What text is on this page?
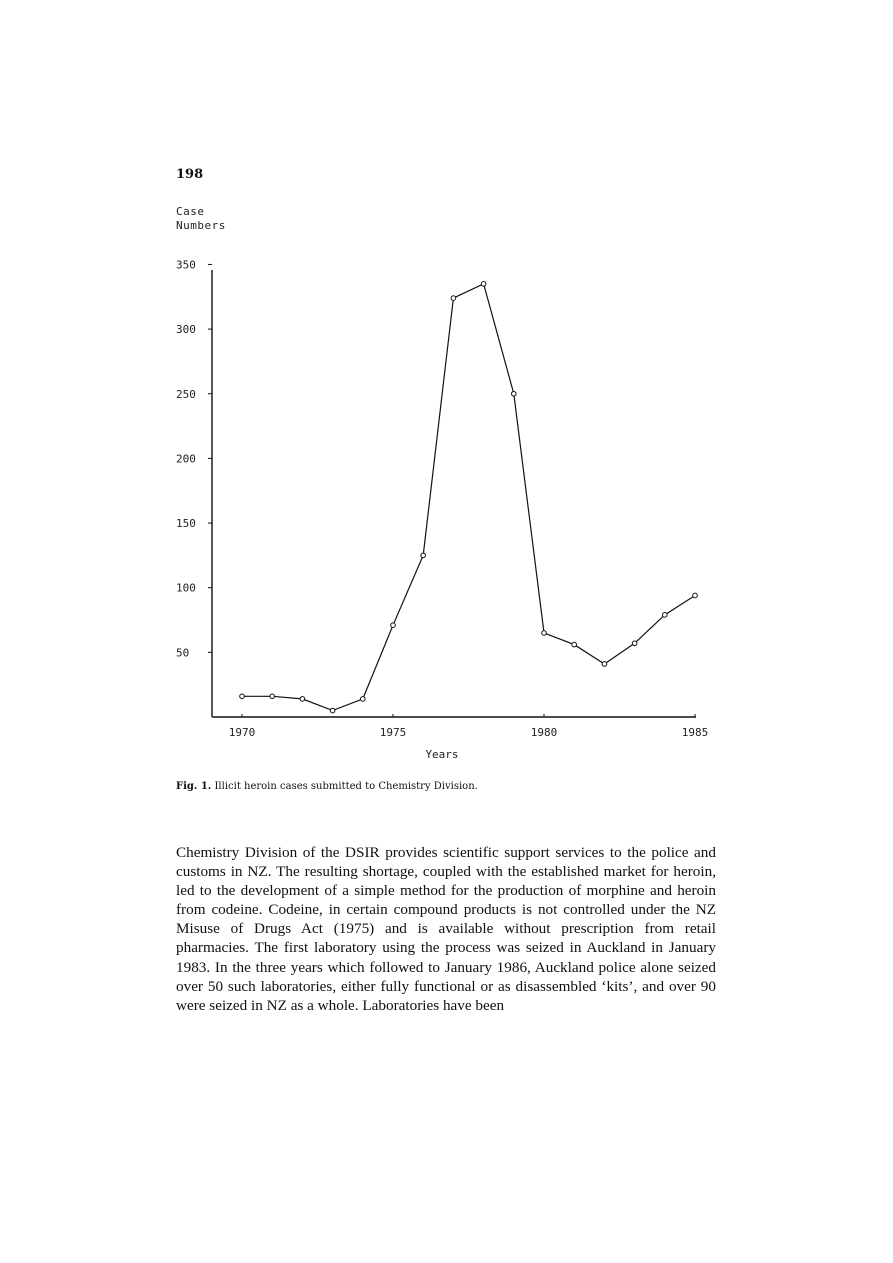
198
Case
Numbers
50
100
150
200
250
300
350
1970	1975	1980	1985
Years
Fig. 1. Illicit heroin cases submitted to Chemistry Division.

Chemistry Division of the DSIR provides scientific support services to the police and customs in NZ. The resulting shortage, coupled with the established market for heroin, led to the development of a simple method for the production of morphine and heroin from codeine. Codeine, in certain compound products is not controlled under the NZ Misuse of Drugs Act (1975) and is available without prescription from retail pharmacies. The first laboratory using the process was seized in Auckland in January 1983. In the three years which followed to January 1986, Auckland police alone seized over 50 such laboratories, either fully functional or as disassembled ‘kits’, and over 90 were seized in NZ as a whole. Laboratories have been
